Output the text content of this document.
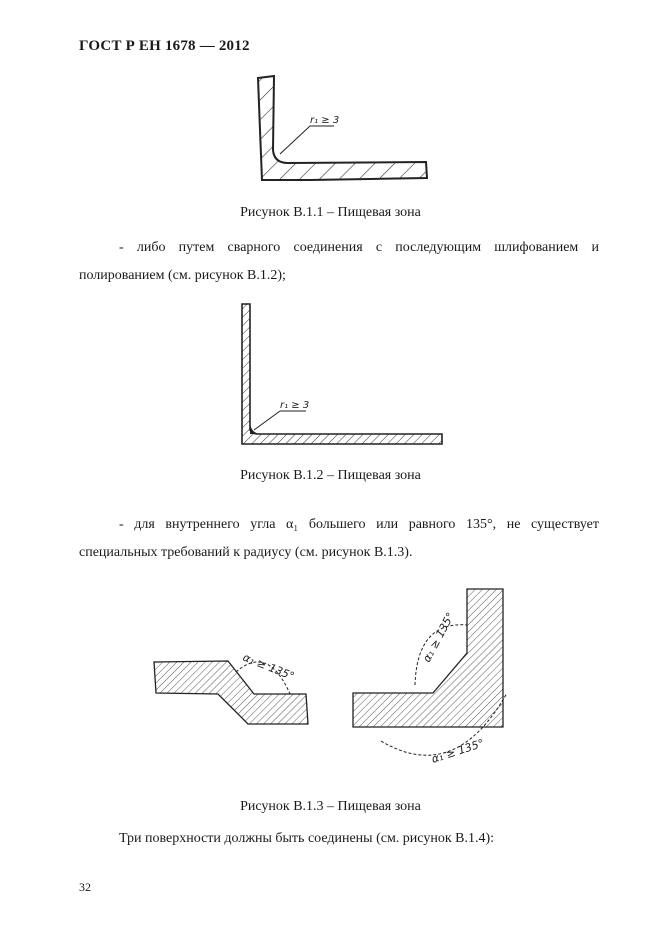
ГОСТ Р ЕН 1678 — 2012
r₁ ≥ 3
Рисунок В.1.1 – Пищевая зона
- либо путем сварного соединения с последующим шлифованием и
полированием (см. рисунок В.1.2);
r₁ ≥ 3
Рисунок В.1.2 – Пищевая зона
- для внутреннего угла α₁ большего или равного 135°, не существует
специальных требований к радиусу (см. рисунок В.1.3).
α₁ ≥ 135°
α₁ ≥ 135°
α₁ ≥ 135°
Рисунок В.1.3 – Пищевая зона
Три поверхности должны быть соединены (см. рисунок В.1.4):
32
